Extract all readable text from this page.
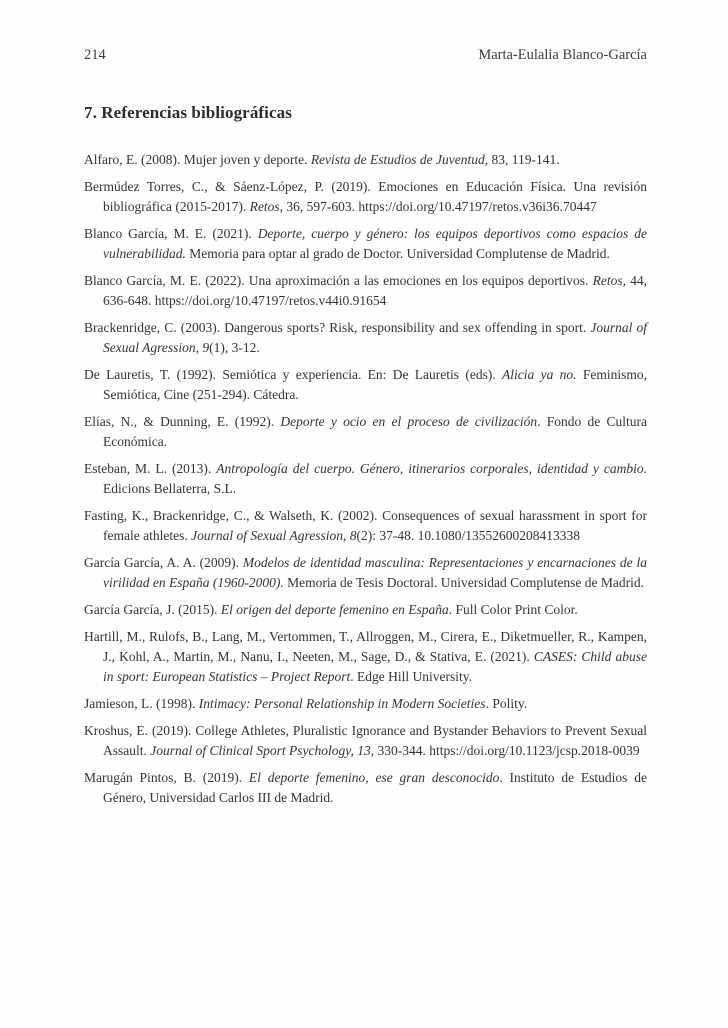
214	Marta-Eulalia Blanco-García
7. Referencias bibliográficas

Alfaro, E. (2008). Mujer joven y deporte. Revista de Estudios de Juventud, 83, 119-141.

Bermúdez Torres, C., & Sáenz-López, P. (2019). Emociones en Educación Física. Una revisión bibliográfica (2015-2017). Retos, 36, 597-603. https://doi.org/10.47197/retos.v36i36.70447

Blanco García, M. E. (2021). Deporte, cuerpo y género: los equipos deportivos como espacios de vulnerabilidad. Memoria para optar al grado de Doctor. Universidad Complutense de Madrid.

Blanco García, M. E. (2022). Una aproximación a las emociones en los equipos deportivos. Retos, 44, 636-648. https://doi.org/10.47197/retos.v44i0.91654

Brackenridge, C. (2003). Dangerous sports? Risk, responsibility and sex offending in sport. Journal of Sexual Agression, 9(1), 3-12.

De Lauretis, T. (1992). Semiótica y experiencia. En: De Lauretis (eds). Alicia ya no. Feminismo, Semiótica, Cine (251-294). Cátedra.

Elías, N., & Dunning, E. (1992). Deporte y ocio en el proceso de civilización. Fondo de Cultura Económica.

Esteban, M. L. (2013). Antropología del cuerpo. Género, itinerarios corporales, identidad y cambio. Edicions Bellaterra, S.L.

Fasting, K., Brackenridge, C., & Walseth, K. (2002). Consequences of sexual harassment in sport for female athletes. Journal of Sexual Agression, 8(2): 37-48. 10.1080/13552600208413338

García García, A. A. (2009). Modelos de identidad masculina: Representaciones y encarnaciones de la virilidad en España (1960-2000). Memoria de Tesis Doctoral. Universidad Complutense de Madrid.

García García, J. (2015). El origen del deporte femenino en España. Full Color Print Color.

Hartill, M., Rulofs, B., Lang, M., Vertommen, T., Allroggen, M., Cirera, E., Diketmueller, R., Kampen, J., Kohl, A., Martin, M., Nanu, I., Neeten, M., Sage, D., & Stativa, E. (2021). CASES: Child abuse in sport: European Statistics – Project Report. Edge Hill University.

Jamieson, L. (1998). Intimacy: Personal Relationship in Modern Societies. Polity.

Kroshus, E. (2019). College Athletes, Pluralistic Ignorance and Bystander Behaviors to Prevent Sexual Assault. Journal of Clinical Sport Psychology, 13, 330-344. https://doi.org/10.1123/jcsp.2018-0039

Marugán Pintos, B. (2019). El deporte femenino, ese gran desconocido. Instituto de Estudios de Género, Universidad Carlos III de Madrid.
